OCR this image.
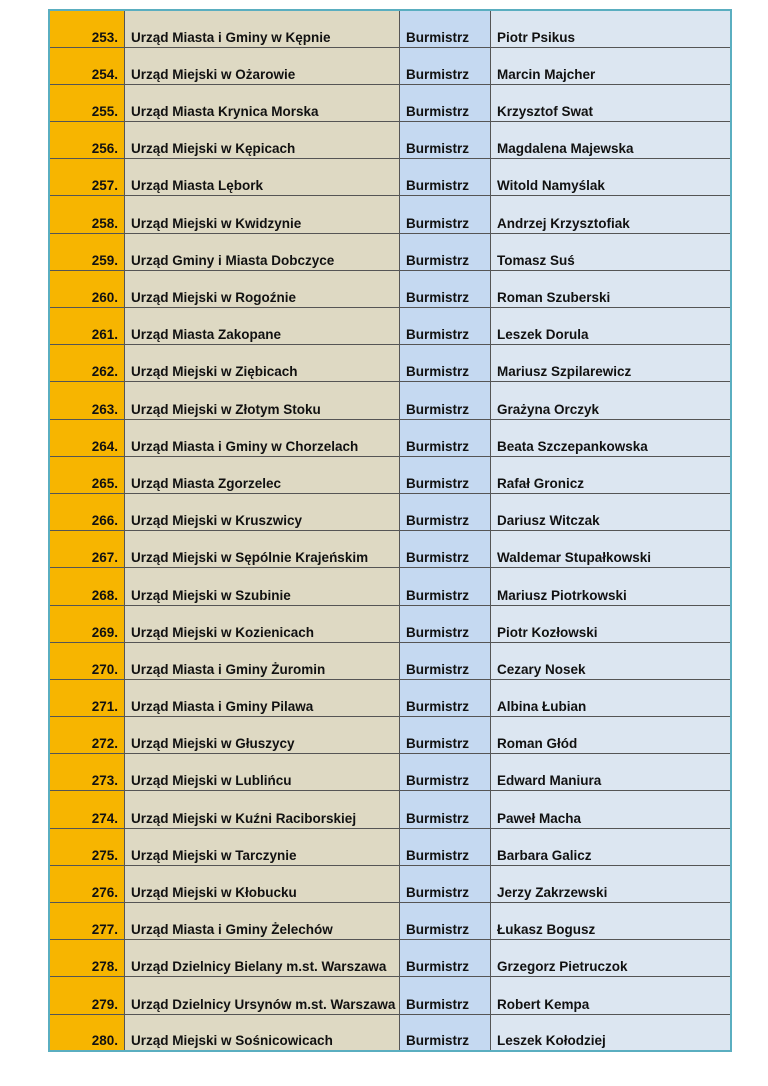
253.	Urząd Miasta i Gminy w Kępnie	Burmistrz	Piotr Psikus
254.	Urząd Miejski w Ożarowie	Burmistrz	Marcin Majcher
255.	Urząd Miasta Krynica Morska	Burmistrz	Krzysztof Swat
256.	Urząd Miejski w Kępicach	Burmistrz	Magdalena Majewska
257.	Urząd Miasta Lębork	Burmistrz	Witold Namyślak
258.	Urząd Miejski w Kwidzynie	Burmistrz	Andrzej Krzysztofiak
259.	Urząd Gminy i Miasta Dobczyce	Burmistrz	Tomasz Suś
260.	Urząd Miejski w Rogoźnie	Burmistrz	Roman Szuberski
261.	Urząd Miasta Zakopane	Burmistrz	Leszek Dorula
262.	Urząd Miejski w Ziębicach	Burmistrz	Mariusz Szpilarewicz
263.	Urząd Miejski w Złotym Stoku	Burmistrz	Grażyna Orczyk
264.	Urząd Miasta i Gminy w Chorzelach	Burmistrz	Beata Szczepankowska
265.	Urząd Miasta Zgorzelec	Burmistrz	Rafał Gronicz
266.	Urząd Miejski w Kruszwicy	Burmistrz	Dariusz Witczak
267.	Urząd Miejski w Sępólnie Krajeńskim	Burmistrz	Waldemar Stupałkowski
268.	Urząd Miejski w Szubinie	Burmistrz	Mariusz Piotrkowski
269.	Urząd Miejski w Kozienicach	Burmistrz	Piotr Kozłowski
270.	Urząd Miasta i Gminy Żuromin	Burmistrz	Cezary Nosek
271.	Urząd Miasta i Gminy Pilawa	Burmistrz	Albina Łubian
272.	Urząd Miejski w Głuszycy	Burmistrz	Roman Głód
273.	Urząd Miejski w Lublińcu	Burmistrz	Edward Maniura
274.	Urząd Miejski w Kuźni Raciborskiej	Burmistrz	Paweł Macha
275.	Urząd Miejski w Tarczynie	Burmistrz	Barbara Galicz
276.	Urząd Miejski w Kłobucku	Burmistrz	Jerzy Zakrzewski
277.	Urząd Miasta i Gminy Żelechów	Burmistrz	Łukasz Bogusz
278.	Urząd Dzielnicy Bielany m.st. Warszawa	Burmistrz	Grzegorz Pietruczok
279.	Urząd Dzielnicy Ursynów m.st. Warszawa	Burmistrz	Robert Kempa
280.	Urząd Miejski w Sośnicowicach	Burmistrz	Leszek Kołodziej
